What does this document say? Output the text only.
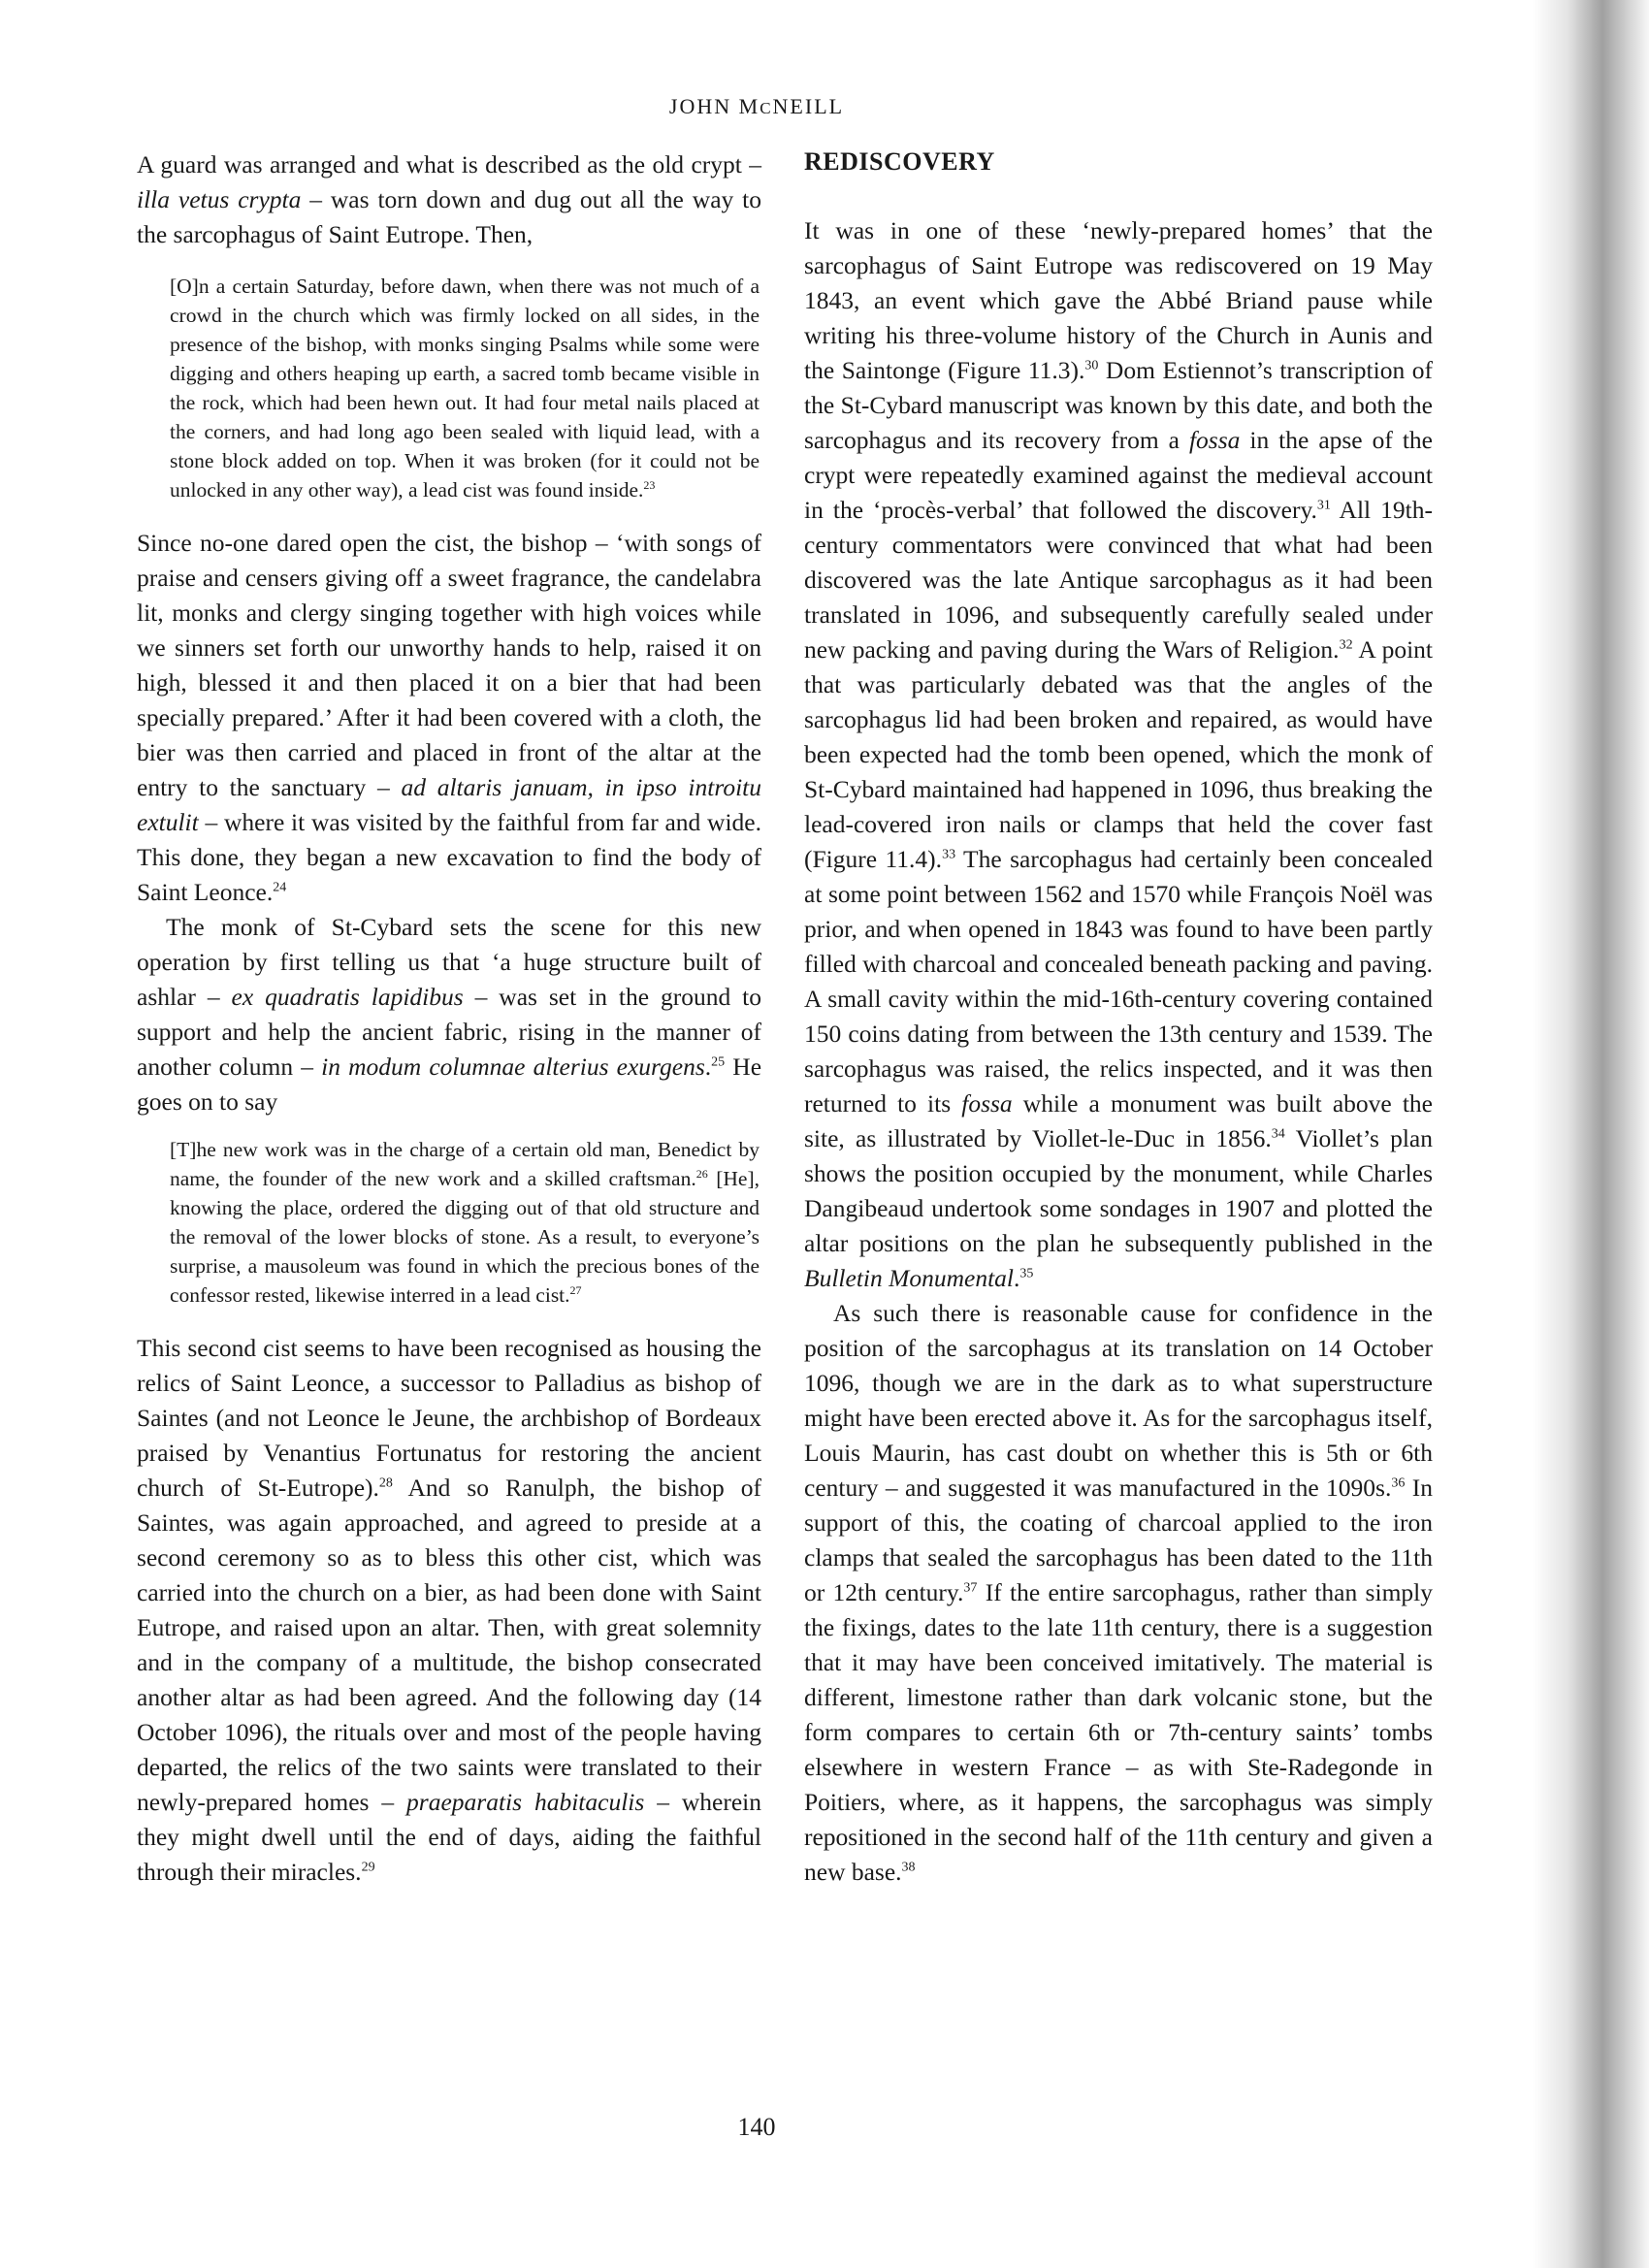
JOHN MCNEILL

A guard was arranged and what is described as the old crypt – illa vetus crypta – was torn down and dug out all the way to the sarcophagus of Saint Eutrope. Then,

[O]n a certain Saturday, before dawn, when there was not much of a crowd in the church which was firmly locked on all sides, in the presence of the bishop, with monks singing Psalms while some were digging and others heaping up earth, a sacred tomb became visible in the rock, which had been hewn out. It had four metal nails placed at the corners, and had long ago been sealed with liquid lead, with a stone block added on top. When it was broken (for it could not be unlocked in any other way), a lead cist was found inside.$^{23}$

Since no-one dared open the cist, the bishop – ‘with songs of praise and censers giving off a sweet fragrance, the candelabra lit, monks and clergy singing together with high voices while we sinners set forth our unworthy hands to help, raised it on high, blessed it and then placed it on a bier that had been specially prepared.’ After it had been covered with a cloth, the bier was then carried and placed in front of the altar at the entry to the sanctuary – ad altaris januam, in ipso introitu extulit – where it was visited by the faithful from far and wide. This done, they began a new excavation to find the body of Saint Leonce.$^{24}$

The monk of St-Cybard sets the scene for this new operation by first telling us that ‘a huge structure built of ashlar – ex quadratis lapidibus – was set in the ground to support and help the ancient fabric, rising in the manner of another column – in modum columnae alterius exurgens.$^{25}$ He goes on to say

[T]he new work was in the charge of a certain old man, Benedict by name, the founder of the new work and a skilled craftsman.$^{26}$ [He], knowing the place, ordered the digging out of that old structure and the removal of the lower blocks of stone. As a result, to everyone’s surprise, a mausoleum was found in which the precious bones of the confessor rested, likewise interred in a lead cist.$^{27}$

This second cist seems to have been recognised as housing the relics of Saint Leonce, a successor to Palladius as bishop of Saintes (and not Leonce le Jeune, the archbishop of Bordeaux praised by Venantius Fortunatus for restoring the ancient church of St-Eutrope).$^{28}$ And so Ranulph, the bishop of Saintes, was again approached, and agreed to preside at a second ceremony so as to bless this other cist, which was carried into the church on a bier, as had been done with Saint Eutrope, and raised upon an altar. Then, with great solemnity and in the company of a multitude, the bishop consecrated another altar as had been agreed. And the following day (14 October 1096), the rituals over and most of the people having departed, the relics of the two saints were translated to their newly-prepared homes – praeparatis habitaculis – wherein they might dwell until the end of days, aiding the faithful through their miracles.$^{29}$

REDISCOVERY

It was in one of these ‘newly-prepared homes’ that the sarcophagus of Saint Eutrope was rediscovered on 19 May 1843, an event which gave the Abbé Briand pause while writing his three-volume history of the Church in Aunis and the Saintonge (Figure 11.3).$^{30}$ Dom Estiennot’s transcription of the St-Cybard manuscript was known by this date, and both the sarcophagus and its recovery from a fossa in the apse of the crypt were repeatedly examined against the medieval account in the ‘procès-verbal’ that followed the discovery.$^{31}$ All 19th-century commentators were convinced that what had been discovered was the late Antique sarcophagus as it had been translated in 1096, and subsequently carefully sealed under new packing and paving during the Wars of Religion.$^{32}$ A point that was particularly debated was that the angles of the sarcophagus lid had been broken and repaired, as would have been expected had the tomb been opened, which the monk of St-Cybard maintained had happened in 1096, thus breaking the lead-covered iron nails or clamps that held the cover fast (Figure 11.4).$^{33}$ The sarcophagus had certainly been concealed at some point between 1562 and 1570 while François Noël was prior, and when opened in 1843 was found to have been partly filled with charcoal and concealed beneath packing and paving. A small cavity within the mid-16th-century covering contained 150 coins dating from between the 13th century and 1539. The sarcophagus was raised, the relics inspected, and it was then returned to its fossa while a monument was built above the site, as illustrated by Viollet-le-Duc in 1856.34 Viollet’s plan shows the position occupied by the monument, while Charles Dangibeaud undertook some sondages in 1907 and plotted the altar positions on the plan he subsequently published in the Bulletin Monumental.$^{35}$

As such there is reasonable cause for confidence in the position of the sarcophagus at its translation on 14 October 1096, though we are in the dark as to what superstructure might have been erected above it. As for the sarcophagus itself, Louis Maurin, has cast doubt on whether this is 5th or 6th century – and suggested it was manufactured in the 1090s.$^{36}$ In support of this, the coating of charcoal applied to the iron clamps that sealed the sarcophagus has been dated to the 11th or 12th century.$^{37}$ If the entire sarcophagus, rather than simply the fixings, dates to the late 11th century, there is a suggestion that it may have been conceived imitatively. The material is different, limestone rather than dark volcanic stone, but the form compares to certain 6th or 7th-century saints’ tombs elsewhere in western France – as with Ste-Radegonde in Poitiers, where, as it happens, the sarcophagus was simply repositioned in the second half of the 11th century and given a new base.$^{38}$

140
